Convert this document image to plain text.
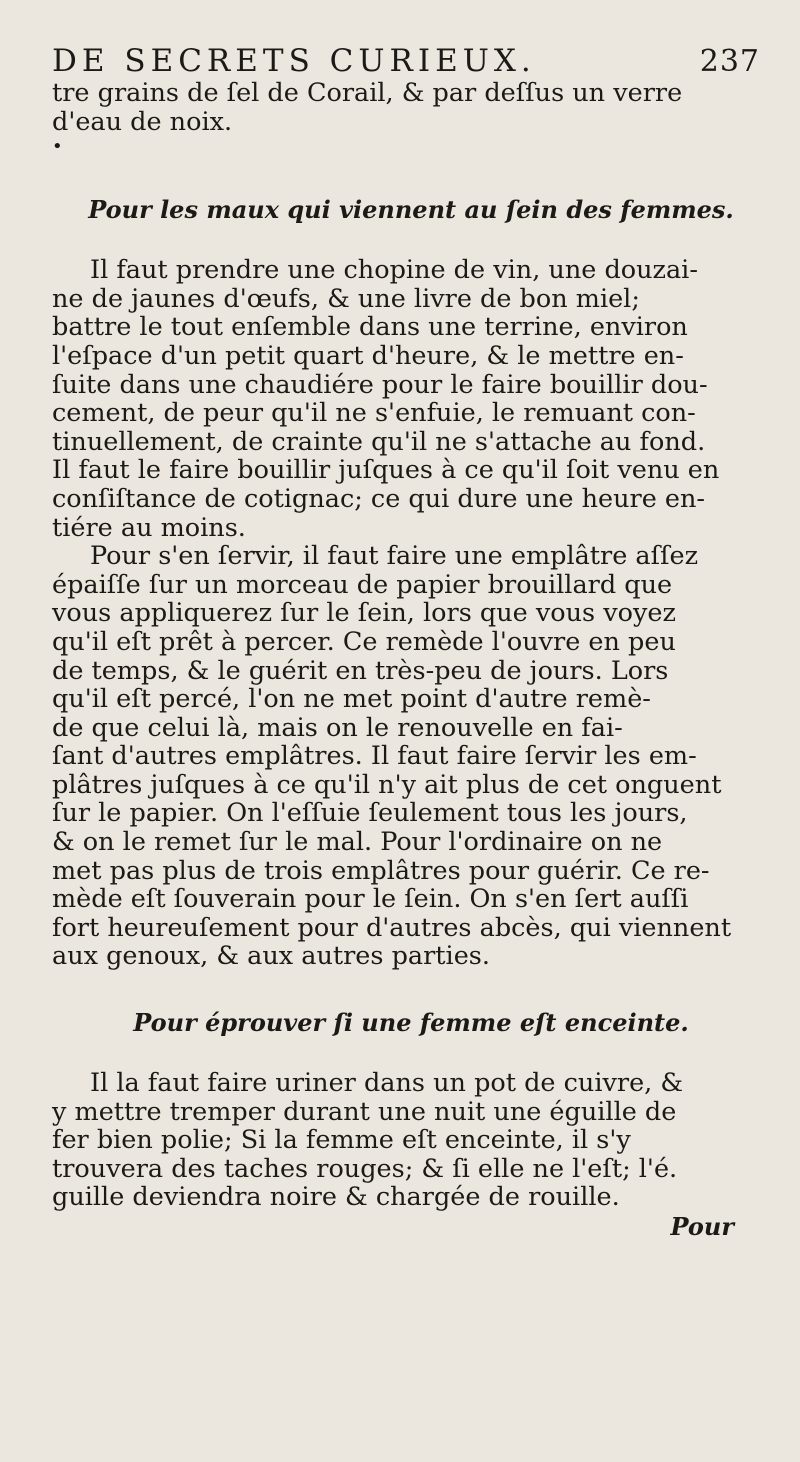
DE SECRETS CURIEUX.	237
tre grains de ſel de Corail, & par deſſus un verre
d'eau de noix.
•
Pour les maux qui viennent au ſein des femmes.
Il faut prendre une chopine de vin, une douzai-
ne de jaunes d'œufs, & une livre de bon miel;
battre le tout enſemble dans une terrine, environ
l'eſpace d'un petit quart d'heure, & le mettre en-
ſuite dans une chaudiére pour le faire bouillir dou-
cement, de peur qu'il ne s'enfuie, le remuant con-
tinuellement, de crainte qu'il ne s'attache au fond.
Il faut le faire bouillir juſques à ce qu'il ſoit venu en
conſiſtance de cotignac; ce qui dure une heure en-
tiére au moins.
Pour s'en ſervir, il faut faire une emplâtre aſſez
épaiſſe ſur un morceau de papier brouillard que
vous appliquerez ſur le ſein, lors que vous voyez
qu'il eſt prêt à percer. Ce remède l'ouvre en peu
de temps, & le guérit en très-peu de jours. Lors
qu'il eſt percé, l'on ne met point d'autre remè-
de que celui là, mais on le renouvelle en fai-
ſant d'autres emplâtres. Il faut faire ſervir les em-
plâtres juſques à ce qu'il n'y ait plus de cet onguent
ſur le papier. On l'eſſuie ſeulement tous les jours,
& on le remet ſur le mal. Pour l'ordinaire on ne
met pas plus de trois emplâtres pour guérir. Ce re-
mède eſt ſouverain pour le ſein. On s'en ſert auſſi
fort heureuſement pour d'autres abcès, qui viennent
aux genoux, & aux autres parties.
Pour éprouver ſi une femme eſt enceinte.
Il la faut faire uriner dans un pot de cuivre, &
y mettre tremper durant une nuit une éguille de
fer bien polie; Si la femme eſt enceinte, il s'y
trouvera des taches rouges; & ſi elle ne l'eſt; l'é.
guille deviendra noire & chargée de rouille.
Pour
